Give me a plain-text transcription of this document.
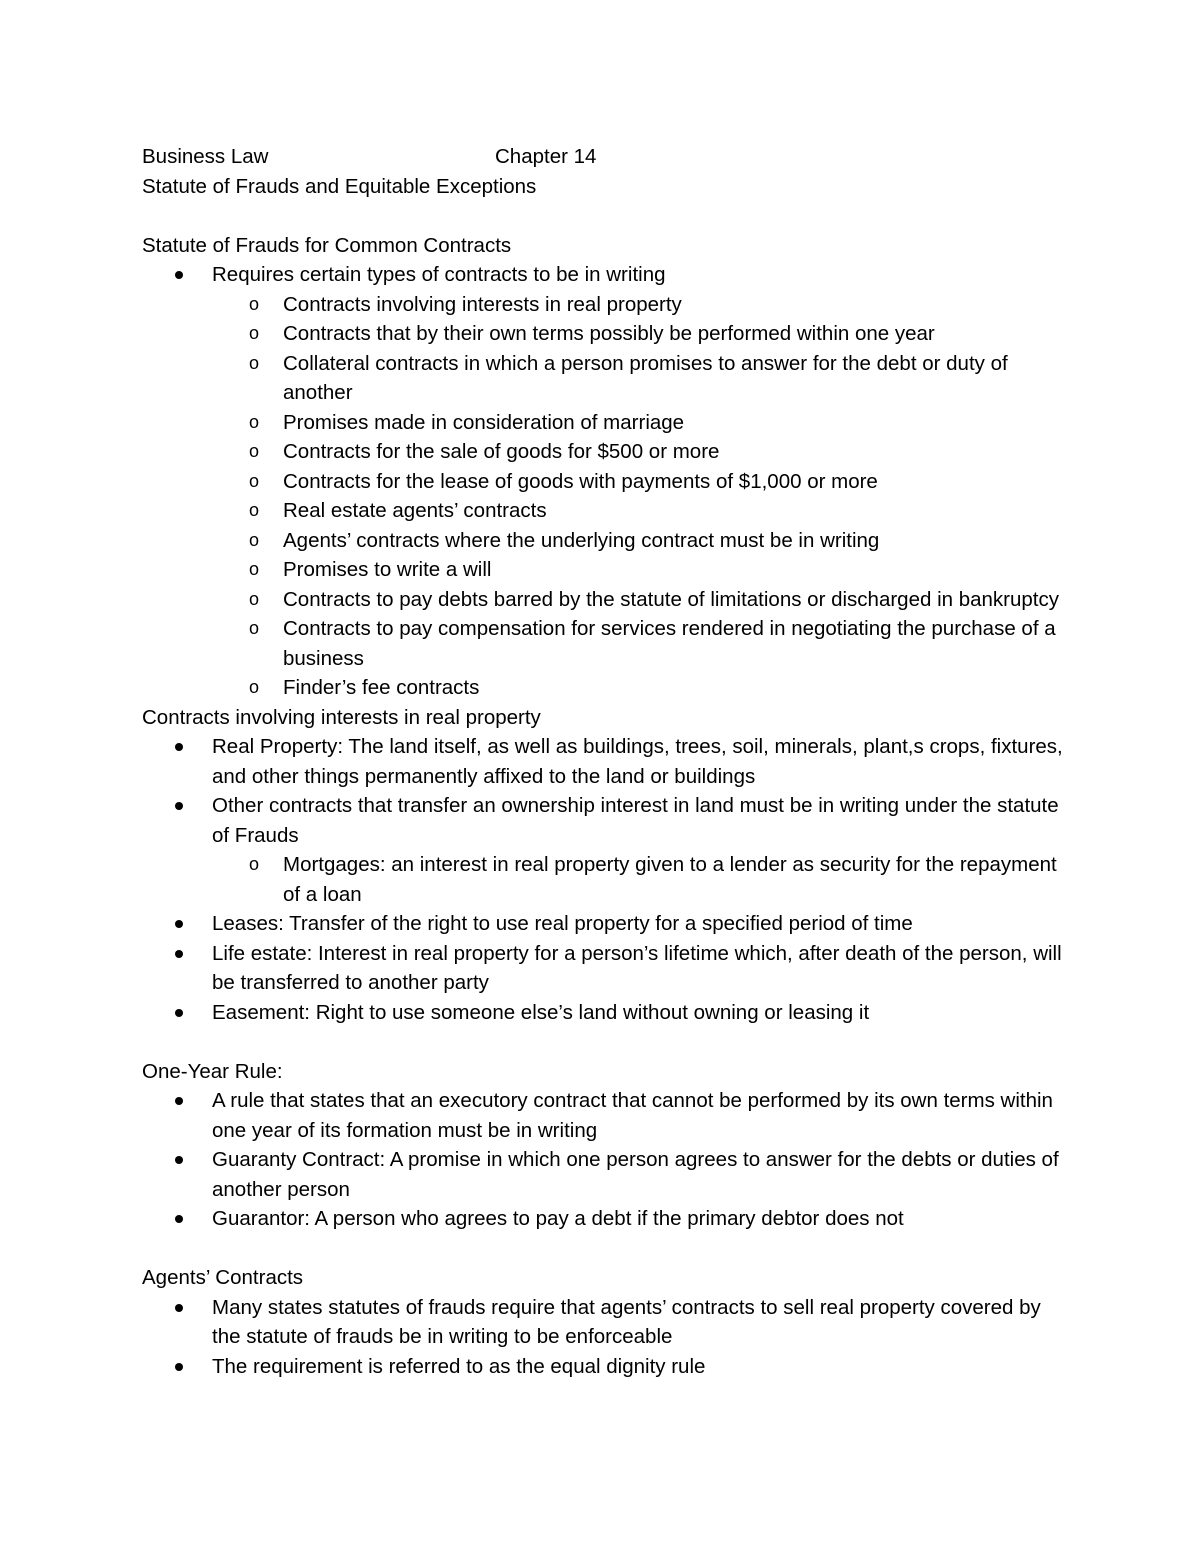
Business Law	Chapter 14
Statute of Frauds and Equitable Exceptions
Statute of Frauds for Common Contracts
Requires certain types of contracts to be in writing
o Contracts involving interests in real property
o Contracts that by their own terms possibly be performed within one year
o Collateral contracts in which a person promises to answer for the debt or duty of another
o Promises made in consideration of marriage
o Contracts for the sale of goods for $500 or more
o Contracts for the lease of goods with payments of $1,000 or more
o Real estate agents’ contracts
o Agents’ contracts where the underlying contract must be in writing
o Promises to write a will
o Contracts to pay debts barred by the statute of limitations or discharged in bankruptcy
o Contracts to pay compensation for services rendered in negotiating the purchase of a business
o Finder’s fee contracts
Contracts involving interests in real property
Real Property: The land itself, as well as buildings, trees, soil, minerals, plant,s crops, fixtures, and other things permanently affixed to the land or buildings
Other contracts that transfer an ownership interest in land must be in writing under the statute of Frauds
o Mortgages: an interest in real property given to a lender as security for the repayment of a loan
Leases: Transfer of the right to use real property for a specified period of time
Life estate: Interest in real property for a person’s lifetime which, after death of the person, will be transferred to another party
Easement: Right to use someone else’s land without owning or leasing it
One-Year Rule:
A rule that states that an executory contract that cannot be performed by its own terms within one year of its formation must be in writing
Guaranty Contract: A promise in which one person agrees to answer for the debts or duties of another person
Guarantor: A person who agrees to pay a debt if the primary debtor does not
Agents’ Contracts
Many states statutes of frauds require that agents’ contracts to sell real property covered by the statute of frauds be in writing to be enforceable
The requirement is referred to as the equal dignity rule
